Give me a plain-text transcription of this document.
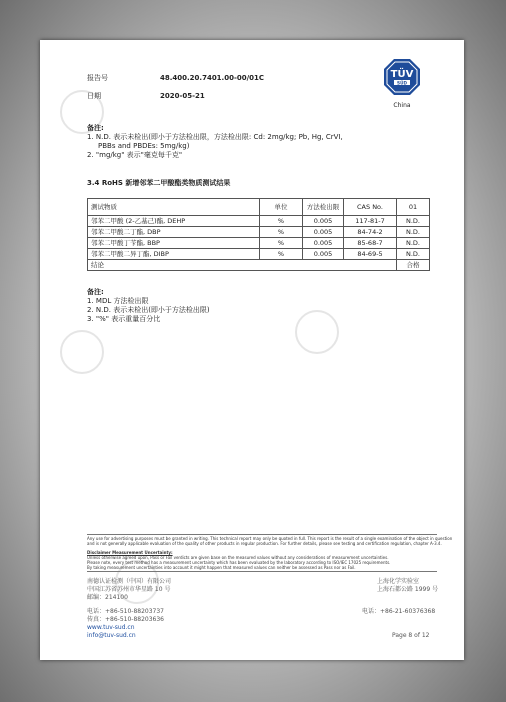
报告号	48.400.20.7401.00-00/01C
日期	2020-05-21
TÜV
SÜD
China
备注:
1. N.D. 表示未检出(即小于方法检出限，方法检出限: Cd: 2mg/kg; Pb, Hg, CrVI,
PBBs and PBDEs: 5mg/kg)
2. "mg/kg" 表示"毫克每千克"
3.4 RoHS 新增邻苯二甲酸酯类物质测试结果
测试物质	单位	方法检出限	CAS No.	01
邻苯二甲酸 (2-乙基己)酯, DEHP	%	0.005	117-81-7	N.D.
邻苯二甲酸二丁酯, DBP	%	0.005	84-74-2	N.D.
邻苯二甲酸丁苄酯, BBP	%	0.005	85-68-7	N.D.
邻苯二甲酸二异丁酯, DIBP	%	0.005	84-69-5	N.D.
结论				合格
备注:
1. MDL 方法检出限
2. N.D. 表示未检出(即小于方法检出限)
3. "%" 表示重量百分比
Any use for advertising purposes must be granted in writing. This technical report may only be quoted in full. This report is the result of a single examination of the object in question
and is not generally applicable evaluation of the quality of other products in regular production. For further details, please see testing and certification regulation, chapter A-3.4.
Disclaimer Measurement Uncertainty:
Unless otherwise agreed upon, Pass or Fail verdicts are given base on the measured values without any considerations of measurement uncertainties.
Please note, every test method has a measurement uncertainty which has been evaluated by the laboratory according to ISO/IEC 17025 requirements.
By taking measurement uncertainties into account it might happen that measured values can neither be assessed as Pass nor as Fail.
南德认证检测（中国）有限公司
中国江苏省苏州市华星路 10 号
邮编：214100
上海化学实验室
上海石都公路 1999 号
电话：+86-510-88203737
传真：+86-510-88203636
www.tuv-sud.cn
info@tuv-sud.cn
电话：+86-21-60376368
Page 8 of 12
